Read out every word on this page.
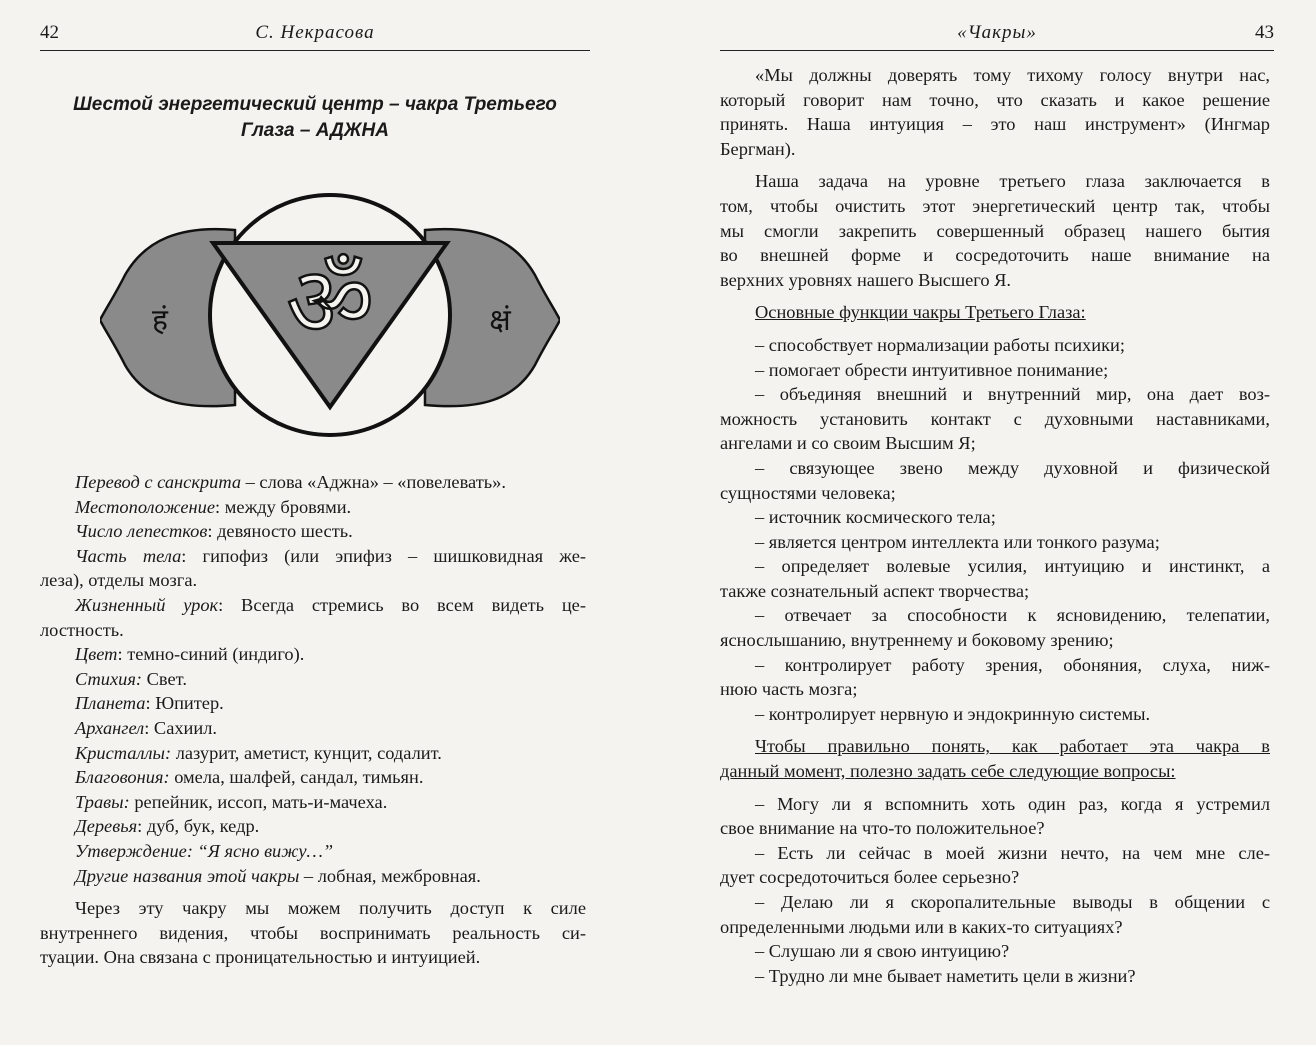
42	С. Некрасова
Шестой энергетический центр – чакра Третьего
Глаза – АДЖНА
ॐ
हं	क्षं
Перевод с санскрита – слова «Аджна» – «повелевать».
Местоположение: между бровями.
Число лепестков: девяносто шесть.
Часть тела: гипофиз (или эпифиз – шишковидная же-
леза), отделы мозга.
Жизненный урок: Всегда стремись во всем видеть це-
лостность.
Цвет: темно-синий (индиго).
Стихия: Свет.
Планета: Юпитер.
Архангел: Сахиил.
Кристаллы: лазурит, аметист, кунцит, содалит.
Благовония: омела, шалфей, сандал, тимьян.
Травы: репейник, иссоп, мать-и-мачеха.
Деревья: дуб, бук, кедр.
Утверждение: “Я ясно вижу…”
Другие названия этой чакры – лобная, межбровная.
Через эту чакру мы можем получить доступ к силе
внутреннего видения, чтобы воспринимать реальность си-
туации. Она связана с проницательностью и интуицией.
«Чакры»	43
«Мы должны доверять тому тихому голосу внутри нас,
который говорит нам точно, что сказать и какое решение
принять. Наша интуиция – это наш инструмент» (Ингмар
Бергман).
Наша задача на уровне третьего глаза заключается в
том, чтобы очистить этот энергетический центр так, чтобы
мы смогли закрепить совершенный образец нашего бытия
во внешней форме и сосредоточить наше внимание на
верхних уровнях нашего Высшего Я.
Основные функции чакры Третьего Глаза:
– способствует нормализации работы психики;
– помогает обрести интуитивное понимание;
– объединяя внешний и внутренний мир, она дает воз-
можность установить контакт с духовными наставниками,
ангелами и со своим Высшим Я;
– связующее звено между духовной и физической
сущностями человека;
– источник космического тела;
– является центром интеллекта или тонкого разума;
– определяет волевые усилия, интуицию и инстинкт, а
также сознательный аспект творчества;
– отвечает за способности к ясновидению, телепатии,
яснослышанию, внутреннему и боковому зрению;
– контролирует работу зрения, обоняния, слуха, ниж-
нюю часть мозга;
– контролирует нервную и эндокринную системы.
Чтобы правильно понять, как работает эта чакра в
данный момент, полезно задать себе следующие вопросы:
– Могу ли я вспомнить хоть один раз, когда я устремил
свое внимание на что-то положительное?
– Есть ли сейчас в моей жизни нечто, на чем мне сле-
дует сосредоточиться более серьезно?
– Делаю ли я скоропалительные выводы в общении с
определенными людьми или в каких-то ситуациях?
– Слушаю ли я свою интуицию?
– Трудно ли мне бывает наметить цели в жизни?
